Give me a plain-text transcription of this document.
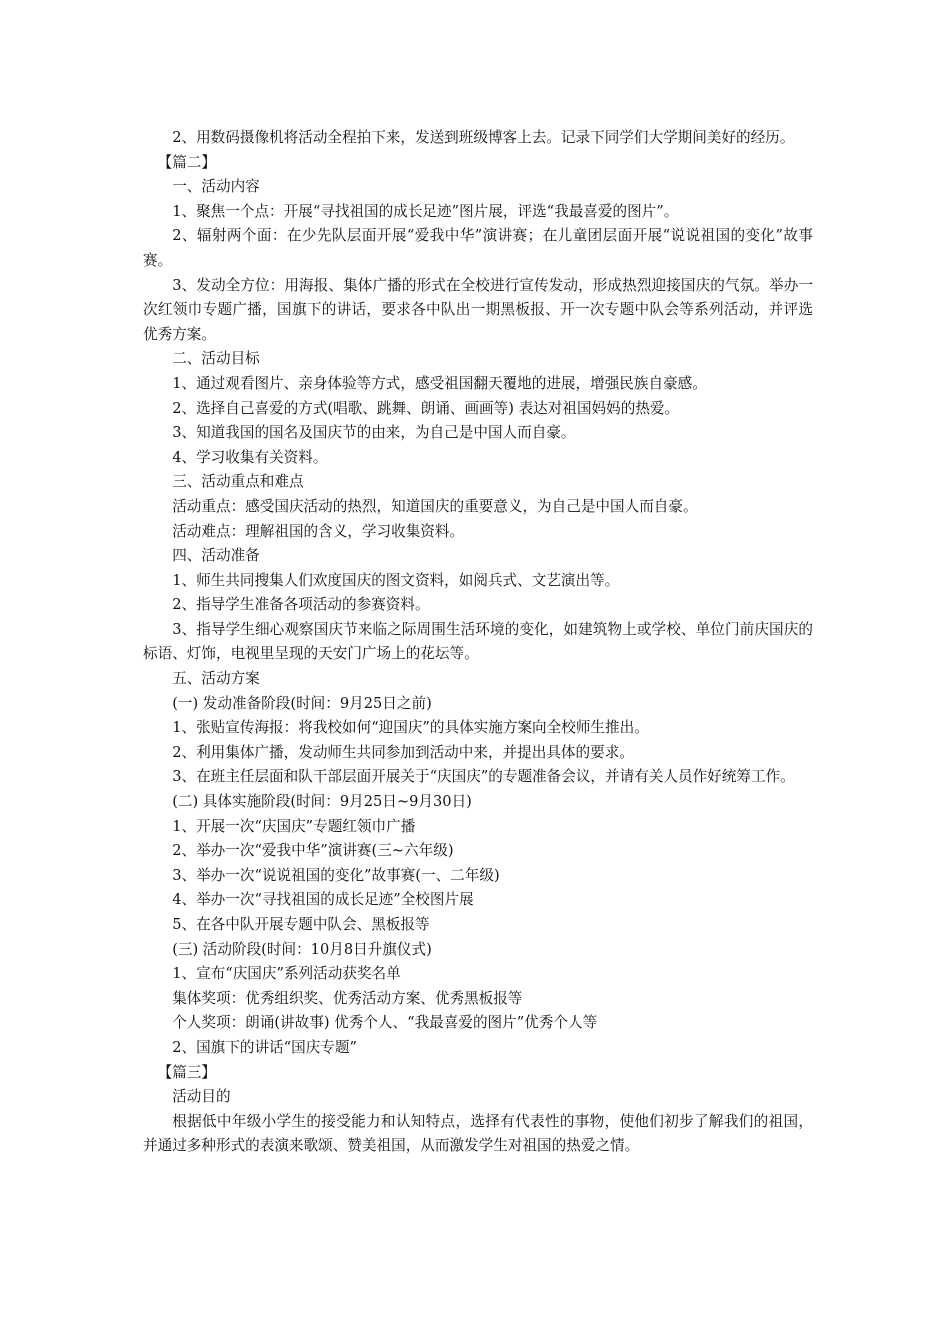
2、用数码摄像机将活动全程拍下来，发送到班级博客上去。记录下同学们大学期间美好的经历。

【篇二】

一、活动内容

1、聚焦一个点：开展“寻找祖国的成长足迹”图片展，评选“我最喜爱的图片”。

2、辐射两个面：在少先队层面开展“爱我中华”演讲赛；在儿童团层面开展“说说祖国的变化”故事赛。

3、发动全方位：用海报、集体广播的形式在全校进行宣传发动，形成热烈迎接国庆的气氛。举办一次红领巾专题广播，国旗下的讲话，要求各中队出一期黑板报、开一次专题中队会等系列活动，并评选优秀方案。

二、活动目标

1、通过观看图片、亲身体验等方式，感受祖国翻天覆地的进展，增强民族自豪感。

2、选择自己喜爱的方式(唱歌、跳舞、朗诵、画画等) 表达对祖国妈妈的热爱。

3、知道我国的国名及国庆节的由来，为自己是中国人而自豪。

4、学习收集有关资料。

三、活动重点和难点

活动重点：感受国庆活动的热烈，知道国庆的重要意义，为自己是中国人而自豪。

活动难点：理解祖国的含义，学习收集资料。

四、活动准备

1、师生共同搜集人们欢度国庆的图文资料，如阅兵式、文艺演出等。

2、指导学生准备各项活动的参赛资料。

3、指导学生细心观察国庆节来临之际周围生活环境的变化，如建筑物上或学校、单位门前庆国庆的标语、灯饰，电视里呈现的天安门广场上的花坛等。

五、活动方案

(一) 发动准备阶段(时间：9月25日之前)

1、张贴宣传海报：将我校如何“迎国庆”的具体实施方案向全校师生推出。

2、利用集体广播，发动师生共同参加到活动中来，并提出具体的要求。

3、在班主任层面和队干部层面开展关于“庆国庆”的专题准备会议，并请有关人员作好统筹工作。

(二) 具体实施阶段(时间：9月25日~9月30日)

1、开展一次“庆国庆”专题红领巾广播

2、举办一次“爱我中华”演讲赛(三~六年级)

3、举办一次“说说祖国的变化”故事赛(一、二年级)

4、举办一次“寻找祖国的成长足迹”全校图片展

5、在各中队开展专题中队会、黑板报等

(三) 活动阶段(时间：10月8日升旗仪式)

1、宣布“庆国庆”系列活动获奖名单

集体奖项：优秀组织奖、优秀活动方案、优秀黑板报等

个人奖项：朗诵(讲故事) 优秀个人、“我最喜爱的图片”优秀个人等

2、国旗下的讲话“国庆专题”

【篇三】

活动目的

根据低中年级小学生的接受能力和认知特点，选择有代表性的事物，使他们初步了解我们的祖国，并通过多种形式的表演来歌颂、赞美祖国，从而激发学生对祖国的热爱之情。
